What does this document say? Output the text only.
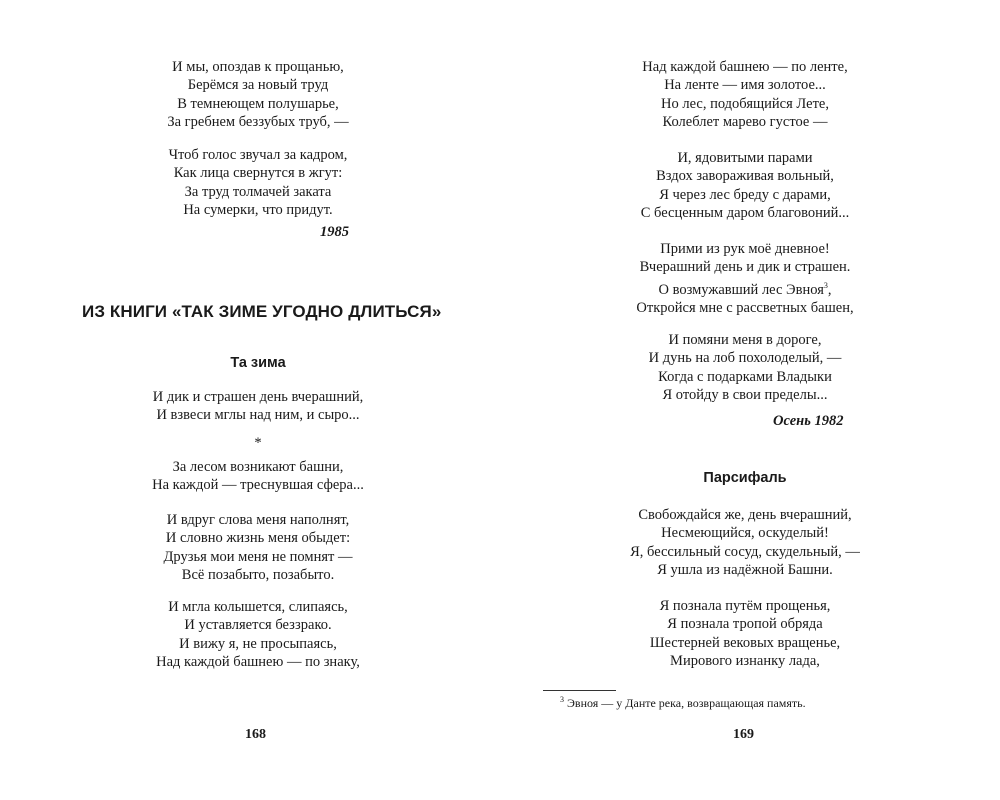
И мы, опоздав к прощанью,
Берёмся за новый труд
В темнеющем полушарье,
За гребнем беззубых труб, —
Чтоб голос звучал за кадром,
Как лица свернутся в жгут:
За труд толмачей заката
На сумерки, что придут.
1985
ИЗ КНИГИ «ТАК ЗИМЕ УГОДНО ДЛИТЬСЯ»
Та зима
И дик и страшен день вчерашний,
И взвеси мглы над ним, и сыро...
*
За лесом возникают башни,
На каждой — треснувшая сфера...
И вдруг слова меня наполнят,
И словно жизнь меня обыдет:
Друзья мои меня не помнят —
Всё позабыто, позабыто.
И мгла колышется, слипаясь,
И уставляется беззрако.
И вижу я, не просыпаясь,
Над каждой башнею — по знаку,
168
Над каждой башнею — по ленте,
На ленте — имя золотое...
Но лес, подобящийся Лете,
Колеблет марево густое —
И, ядовитыми парами
Вздох завораживая вольный,
Я через лес бреду с дарами,
С бесценным даром благовоний...
Прими из рук моё дневное!
Вчерашний день и дик и страшен.
О возмужавший лес Эвноя$^3$,
Откройся мне с рассветных башен,
И помяни меня в дороге,
И дунь на лоб похолоделый, —
Когда с подарками Владыки
Я отойду в свои пределы...
Парсифаль
Свобождайся же, день вчерашний,
Несмеющийся, оскуделый!
Я, бессильный сосуд, скудельный, —
Я ушла из надёжной Башни.
Я познала путём прощенья,
Я познала тропой обряда
Шестерней вековых вращенье,
Мирового изнанку лада,
Осень 1982
$^3$ Эвноя — у Данте река, возвращающая память.
169
